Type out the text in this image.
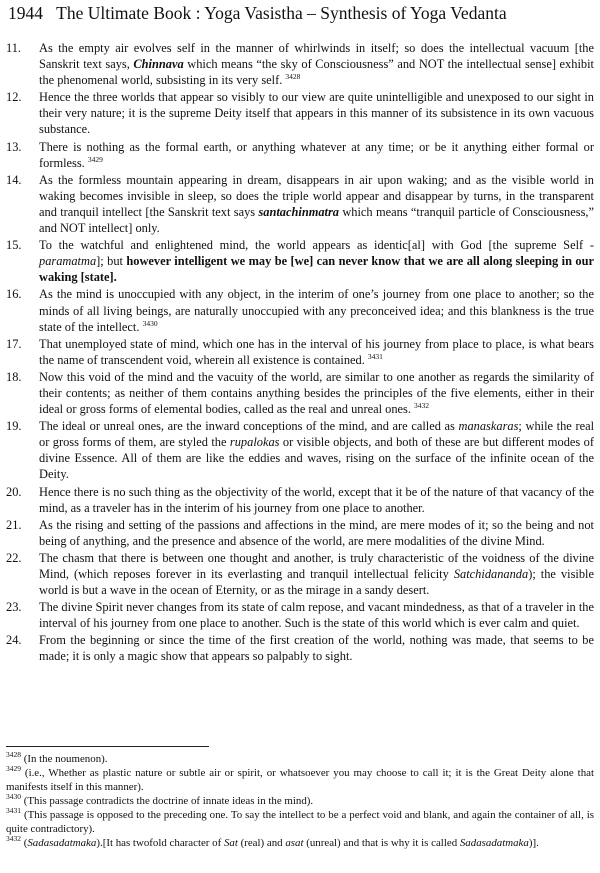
1944 The Ultimate Book : Yoga Vasistha – Synthesis of Yoga Vedanta
11.	As the empty air evolves self in the manner of whirlwinds in itself; so does the intellectual vacuum [the Sanskrit text says, Chinnava which means “the sky of Consciousness” and NOT the intellectual sense] exhibit the phenomenal world, subsisting in its very self. $^{3428}$
12.	Hence the three worlds that appear so visibly to our view are quite unintelligible and unexposed to our sight in their very nature; it is the supreme Deity itself that appears in this manner of its subsistence in its own vacuous substance.
13.	There is nothing as the formal earth, or anything whatever at any time; or be it anything either formal or formless. $^{3429}$
14.	As the formless mountain appearing in dream, disappears in air upon waking; and as the visible world in waking becomes invisible in sleep, so does the triple world appear and disappear by turns, in the transparent and tranquil intellect [the Sanskrit text says santachinmatra which means “tranquil particle of Consciousness,” and NOT intellect] only.
15.	To the watchful and enlightened mind, the world appears as identic[al] with God [the supreme Self - paramatma]; but however intelligent we may be [we] can never know that we are all along sleeping in our waking [state].
16.	As the mind is unoccupied with any object, in the interim of one’s journey from one place to another; so the minds of all living beings, are naturally unoccupied with any preconceived idea; and this blankness is the true state of the intellect. $^{3430}$
17.	That unemployed state of mind, which one has in the interval of his journey from place to place, is what bears the name of transcendent void, wherein all existence is contained. $^{3431}$
18.	Now this void of the mind and the vacuity of the world, are similar to one another as regards the similarity of their contents; as neither of them contains anything besides the principles of the five elements, either in their ideal or gross forms of elemental bodies, called as the real and unreal ones. $^{3432}$
19.	The ideal or unreal ones, are the inward conceptions of the mind, and are called as manaskaras; while the real or gross forms of them, are styled the rupalokas or visible objects, and both of these are but different modes of divine Essence. All of them are like the eddies and waves, rising on the surface of the infinite ocean of the Deity.
20.	Hence there is no such thing as the objectivity of the world, except that it be of the nature of that vacancy of the mind, as a traveler has in the interim of his journey from one place to another.
21.	As the rising and setting of the passions and affections in the mind, are mere modes of it; so the being and not being of anything, and the presence and absence of the world, are mere modalities of the divine Mind.
22.	The chasm that there is between one thought and another, is truly characteristic of the voidness of the divine Mind, (which reposes forever in its everlasting and tranquil intellectual felicity Satchidananda); the visible world is but a wave in the ocean of Eternity, or as the mirage in a sandy desert.
23.	The divine Spirit never changes from its state of calm repose, and vacant mindedness, as that of a traveler in the interval of his journey from one place to another. Such is the state of this world which is ever calm and quiet.
24.	From the beginning or since the time of the first creation of the world, nothing was made, that seems to be made; it is only a magic show that appears so palpably to sight.
$^{3428}$ (In the noumenon).
$^{3429}$ (i.e., Whether as plastic nature or subtle air or spirit, or whatsoever you may choose to call it; it is the Great Deity alone that manifests itself in this manner).
$^{3430}$ (This passage contradicts the doctrine of innate ideas in the mind).
$^{3431}$ (This passage is opposed to the preceding one. To say the intellect to be a perfect void and blank, and again the container of all, is quite contradictory).
$^{3432}$ (Sadasadatmaka).[It has twofold character of Sat (real) and asat (unreal) and that is why it is called Sadasadatmaka)].
